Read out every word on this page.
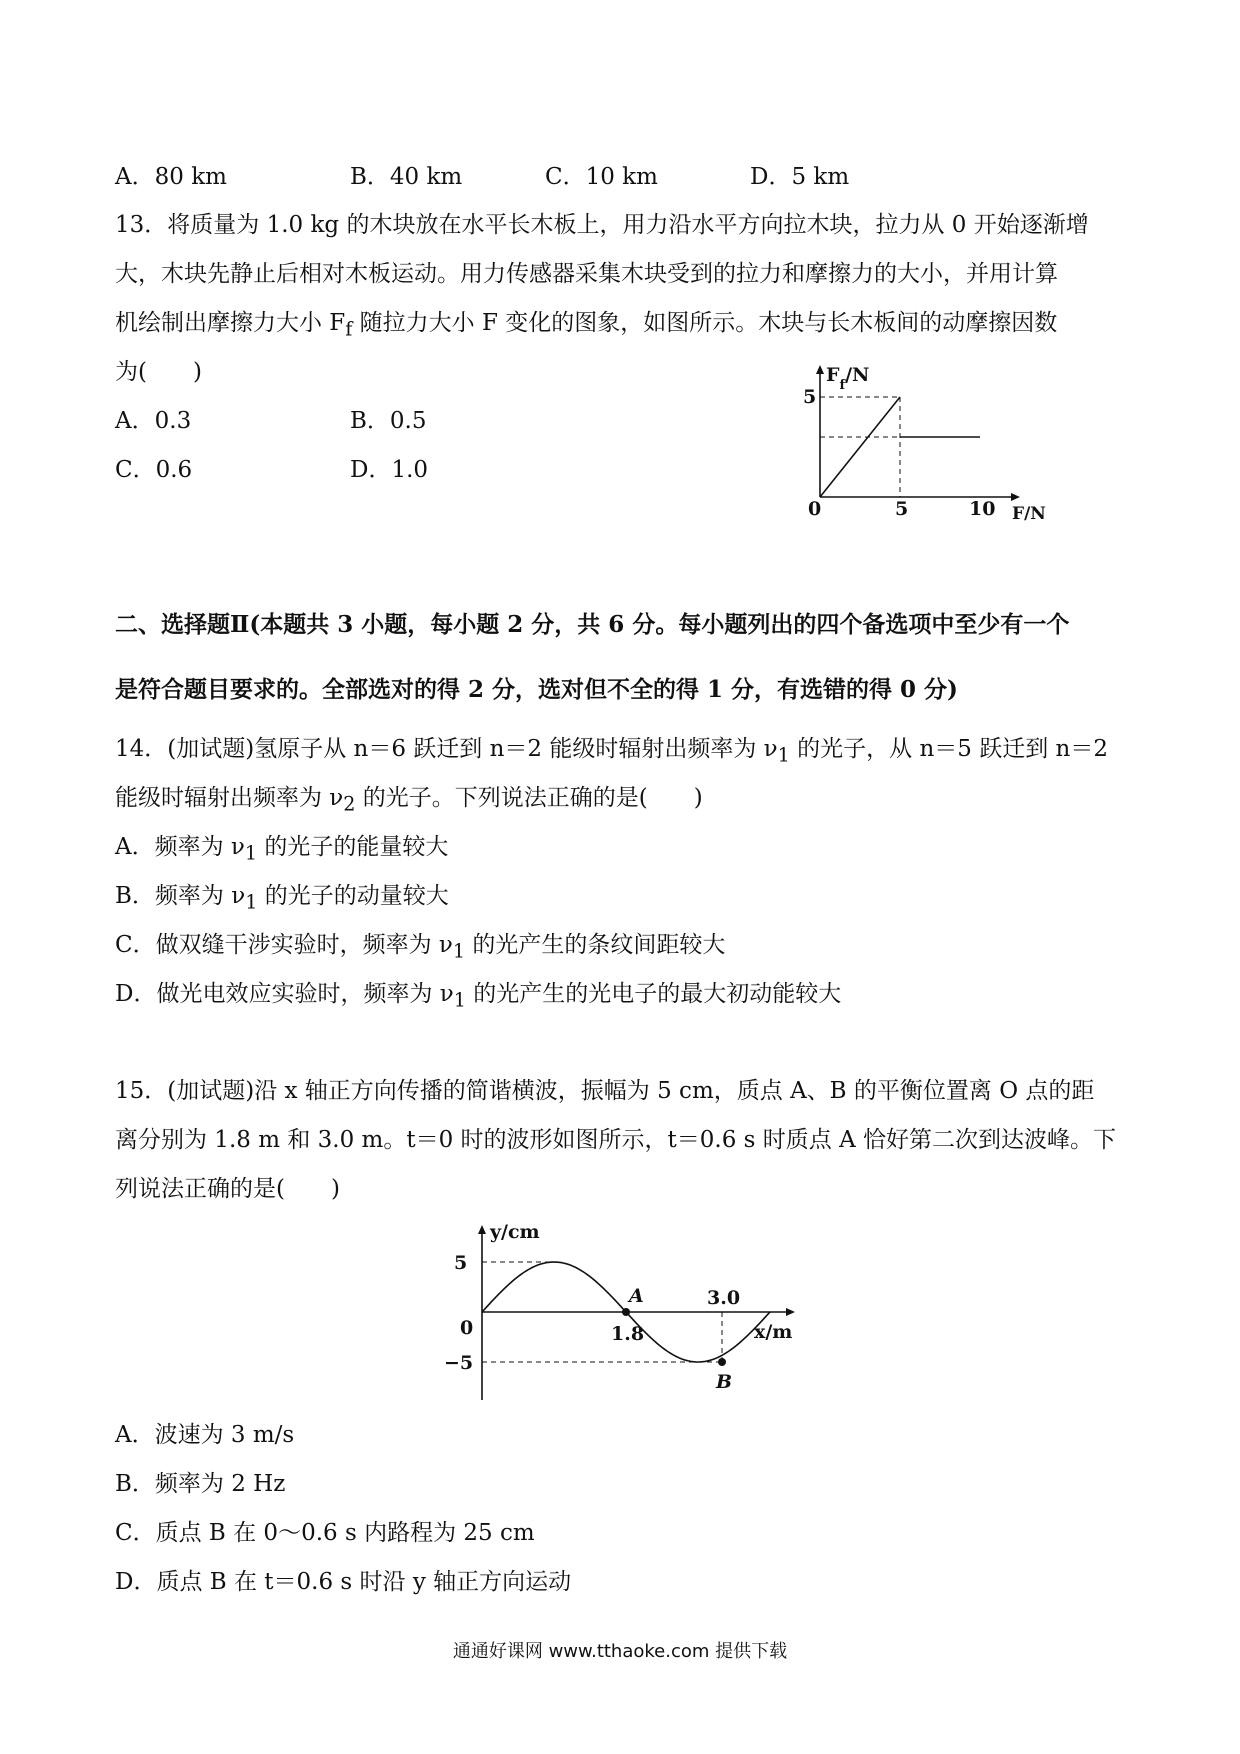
A．80 km	B．40 km	C．10 km	D．5 km
13．将质量为 1.0 kg 的木块放在水平长木板上，用力沿水平方向拉木块，拉力从 0 开始逐渐增
大，木块先静止后相对木板运动。用力传感器采集木块受到的拉力和摩擦力的大小，并用计算
机绘制出摩擦力大小 $F_f$ 随拉力大小 F 变化的图象，如图所示。木块与长木板间的动摩擦因数
为(　　)
A．0.3	B．0.5
C．0.6	D．1.0
$F_f/N$
5
0	5	10 F/N
二、选择题Ⅱ(本题共 3 小题，每小题 2 分，共 6 分。每小题列出的四个备选项中至少有一个
是符合题目要求的。全部选对的得 2 分，选对但不全的得 1 分，有选错的得 0 分)
14．(加试题)氢原子从 n＝6 跃迁到 n＝2 能级时辐射出频率为 $\nu_1$ 的光子，从 n＝5 跃迁到 n＝2
能级时辐射出频率为 $\nu_2$ 的光子。下列说法正确的是(　　)
A．频率为 $\nu_1$ 的光子的能量较大
B．频率为 $\nu_1$ 的光子的动量较大
C．做双缝干涉实验时，频率为 $\nu_1$ 的光产生的条纹间距较大
D．做光电效应实验时，频率为 $\nu_1$ 的光产生的光电子的最大初动能较大
15．(加试题)沿 x 轴正方向传播的简谐横波，振幅为 5 cm，质点 A、B 的平衡位置离 O 点的距
离分别为 1.8 m 和 3.0 m。t＝0 时的波形如图所示，t＝0.6 s 时质点 A 恰好第二次到达波峰。下
列说法正确的是(　　)
y/cm
5
−5
0	1.8
3.0
x/m
A
B
A．波速为 3 m/s
B．频率为 2 Hz
C．质点 B 在 0～0.6 s 内路程为 25 cm
D．质点 B 在 t＝0.6 s 时沿 y 轴正方向运动
通通好课网 www.tthaoke.com 提供下载
